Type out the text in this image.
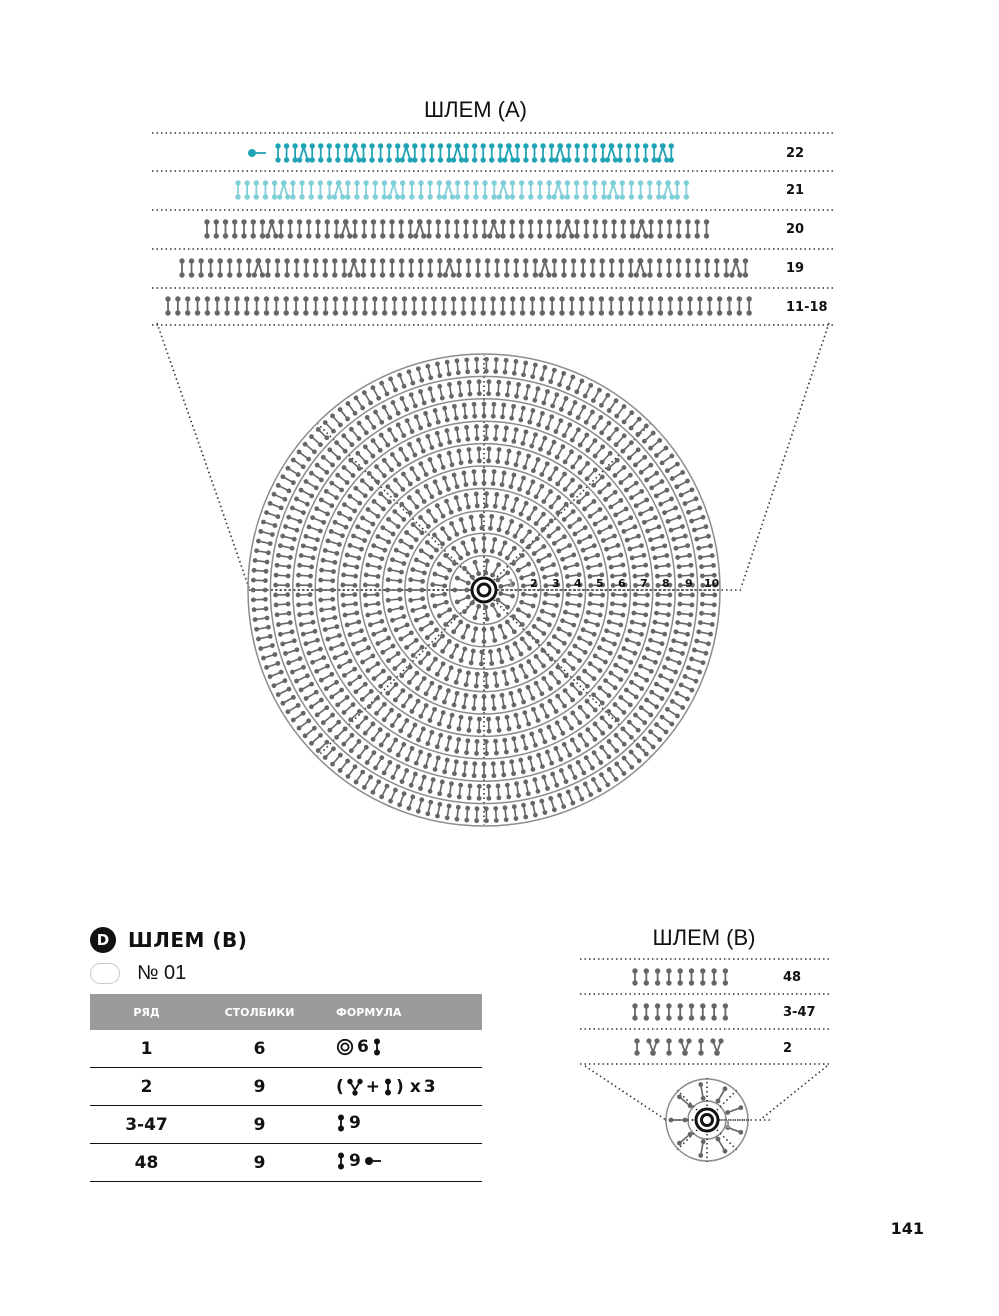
ШЛЕМ (А)
22
21
20
19
11-18
1 2 3 4 5 6 7 8 9 10
D ШЛЕМ (В)
№ 01
РЯД	СТОЛБИКИ	ФОРМУЛА
1	6	6

2	9	( + ) x 3

3-47	9	9

48	9	9
ШЛЕМ (В)
1
48
3-47
2
141
